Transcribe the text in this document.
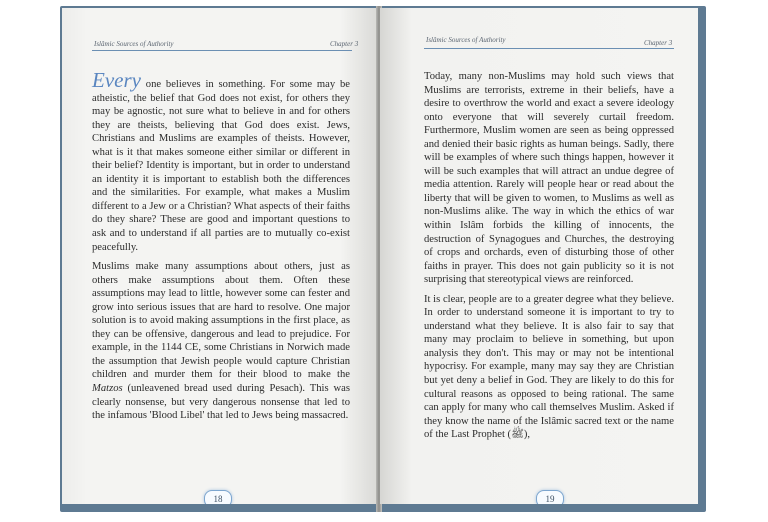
Islâmic Sources of Authority	Chapter 3

Every one believes in something. For some may be atheistic, the belief that God does not exist, for others they may be agnostic, not sure what to believe in and for others they are theists, believing that God does exist. Jews, Christians and Muslims are examples of theists. However, what is it that makes someone either similar or different in their belief? Identity is important, but in order to understand an identity it is important to establish both the differences and the similarities. For example, what makes a Muslim different to a Jew or a Christian? What aspects of their faiths do they share? These are good and important questions to ask and to understand if all parties are to mutually co-exist peacefully.

Muslims make many assumptions about others, just as others make assumptions about them. Often these assumptions may lead to little, however some can fester and grow into serious issues that are hard to resolve. One major solution is to avoid making assumptions in the first place, as they can be offensive, dangerous and lead to prejudice. For example, in the 1144 CE, some Christians in Norwich made the assumption that Jewish people would capture Christian children and murder them for their blood to make the Matzos (unleavened bread used during Pesach). This was clearly nonsense, but very dangerous nonsense that led to the infamous 'Blood Libel' that led to Jews being massacred.

18
Islâmic Sources of Authority	Chapter 3

Today, many non-Muslims may hold such views that Muslims are terrorists, extreme in their beliefs, have a desire to overthrow the world and exact a severe ideology onto everyone that will severely curtail freedom. Furthermore, Muslim women are seen as being oppressed and denied their basic rights as human beings. Sadly, there will be examples of where such things happen, however it will be such examples that will attract an undue degree of media attention. Rarely will people hear or read about the liberty that will be given to women, to Muslims as well as non-Muslims alike. The way in which the ethics of war within Islâm forbids the killing of innocents, the destruction of Synagogues and Churches, the destroying of crops and orchards, even of disturbing those of other faiths in prayer. This does not gain publicity so it is not surprising that stereotypical views are reinforced.

It is clear, people are to a greater degree what they believe. In order to understand someone it is important to try to understand what they believe. It is also fair to say that many may proclaim to believe in something, but upon analysis they don't. This may or may not be intentional hypocrisy. For example, many may say they are Christian but yet deny a belief in God. They are likely to do this for cultural reasons as opposed to being rational. The same can apply for many who call themselves Muslim. Asked if they know the name of the Islâmic sacred text or the name of the Last Prophet (ﷺ),

19
